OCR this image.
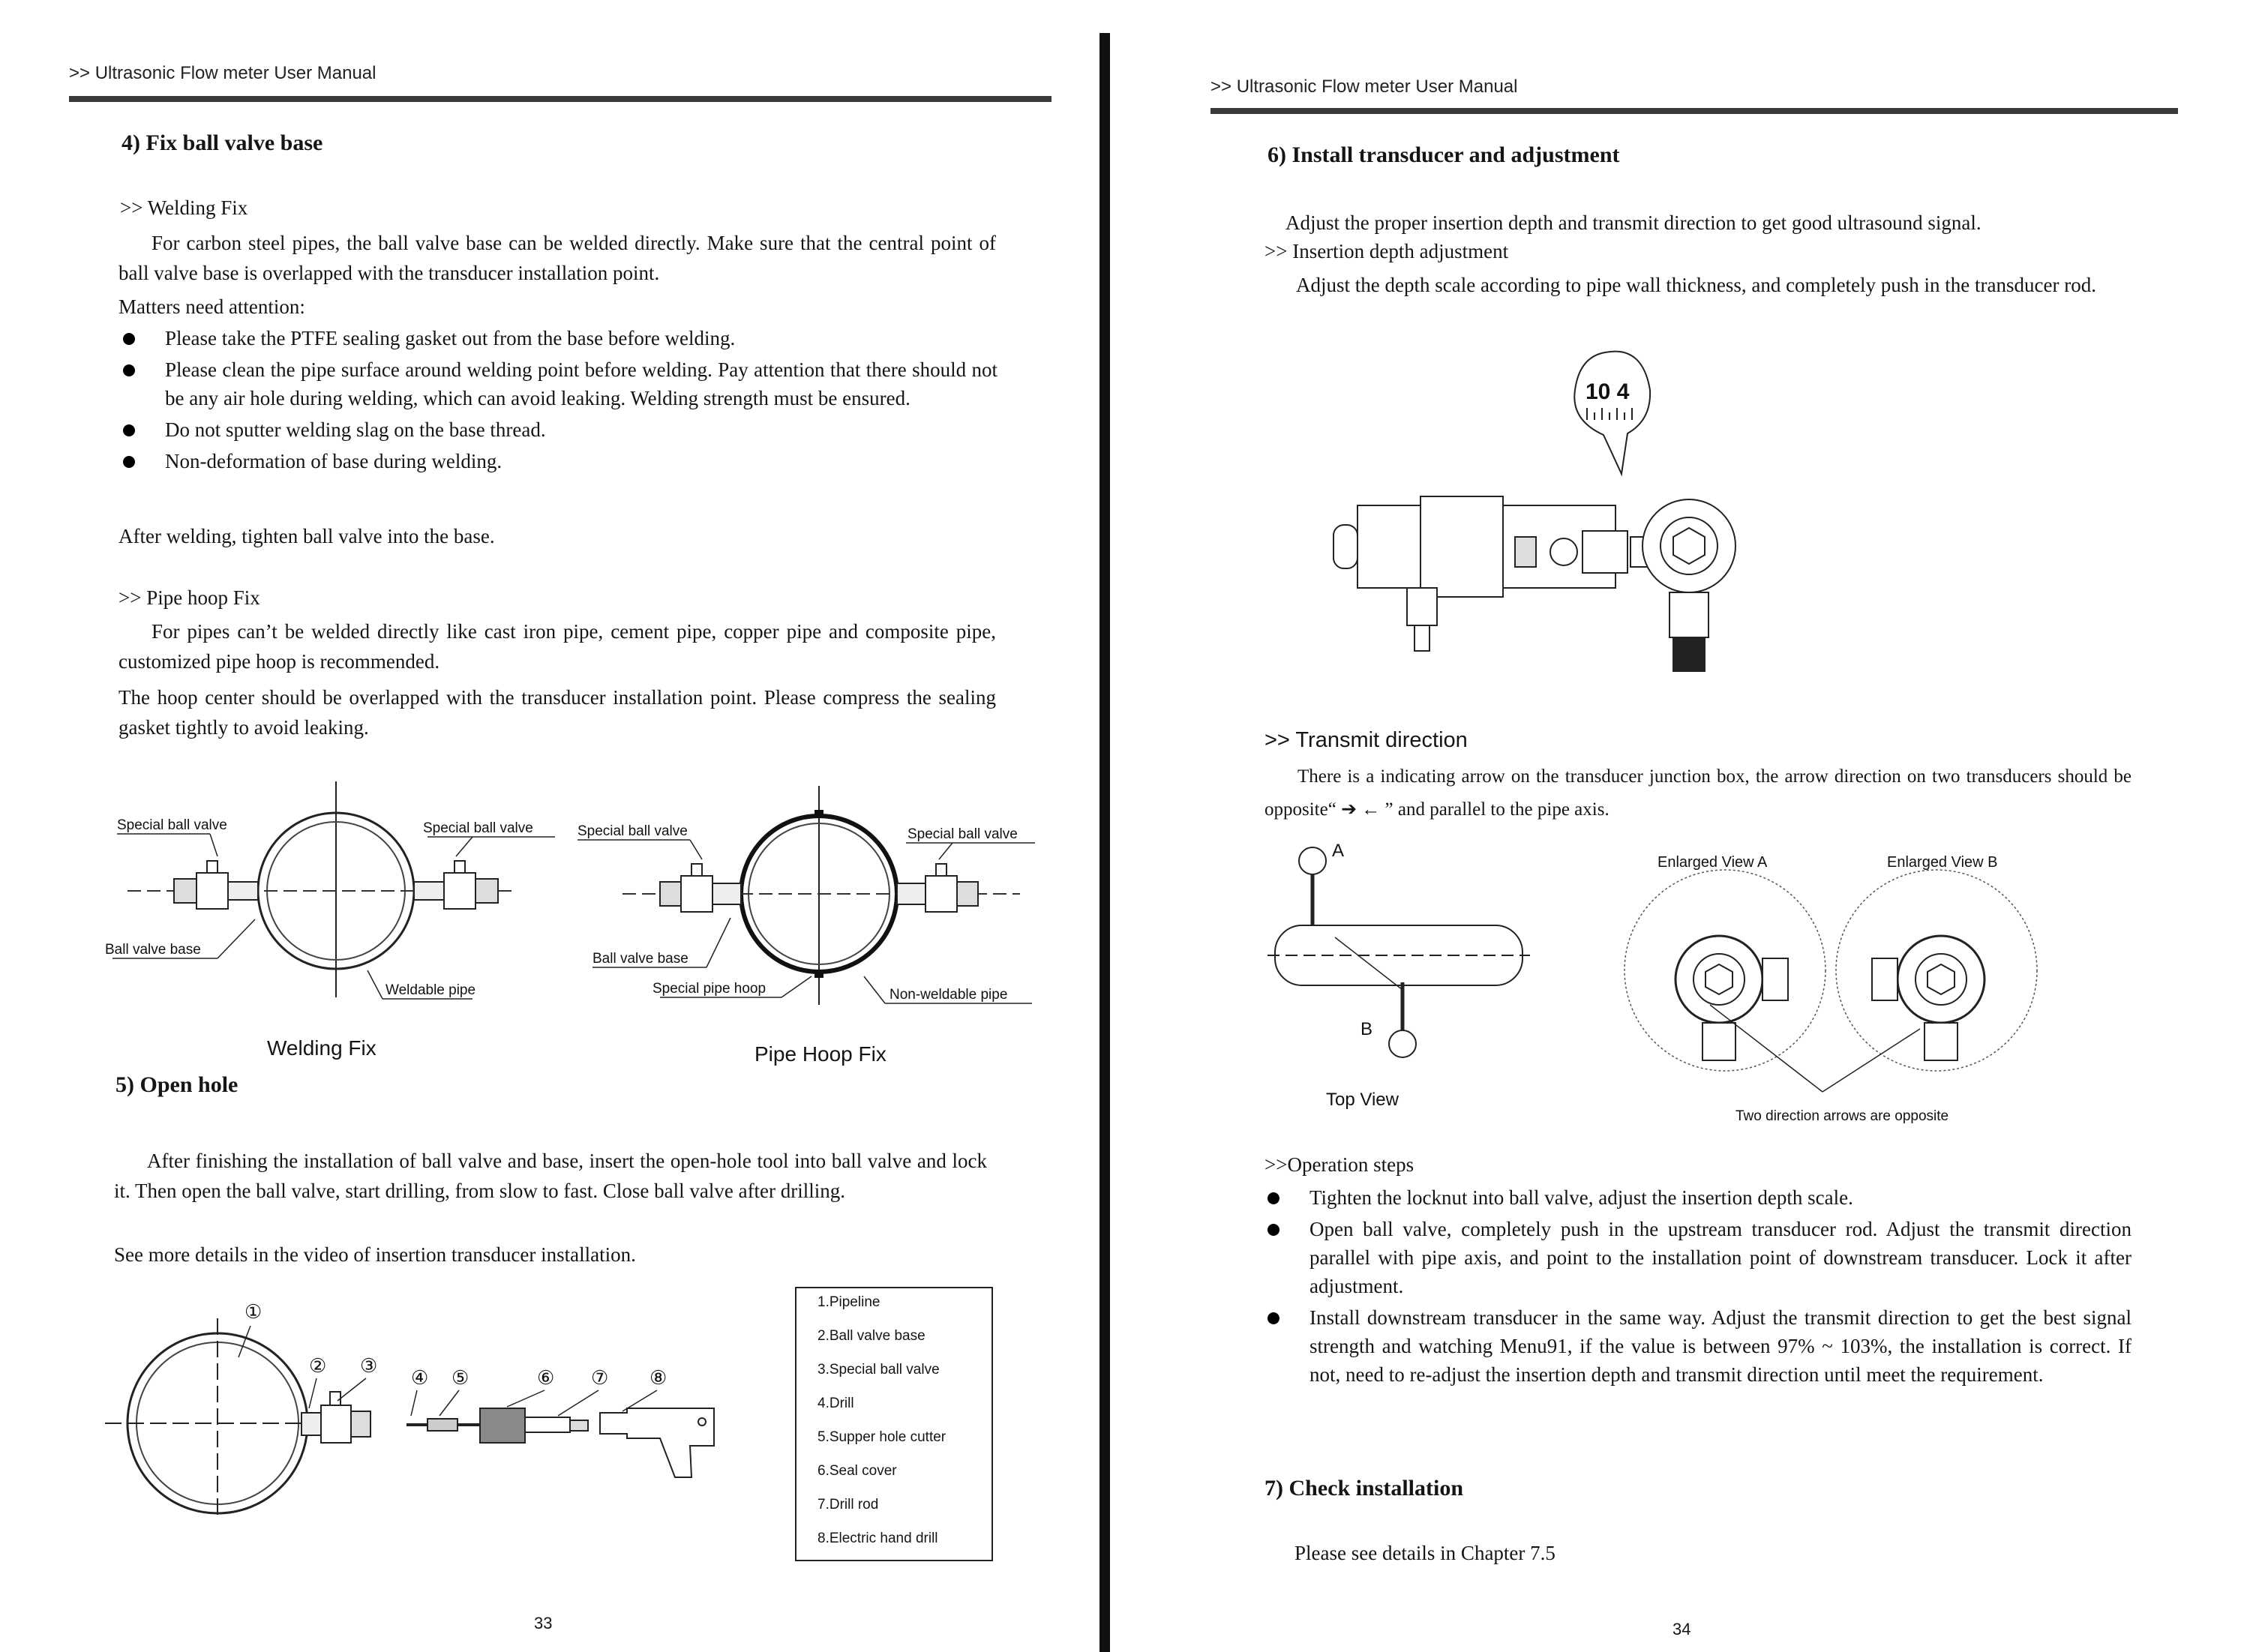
>> Ultrasonic Flow meter User Manual
4) Fix ball valve base
>> Welding Fix

For carbon steel pipes, the ball valve base can be welded directly. Make sure that the central point of ball valve base is overlapped with the transducer installation point.

Matters need attention:
Please take the PTFE sealing gasket out from the base before welding.
Please clean the pipe surface around welding point before welding. Pay attention that there should not be any air hole during welding, which can avoid leaking. Welding strength must be ensured.
Do not sputter welding slag on the base thread.
Non-deformation of base during welding.
After welding, tighten ball valve into the base.
>> Pipe hoop Fix

For pipes can’t be welded directly like cast iron pipe, cement pipe, copper pipe and composite pipe, customized pipe hoop is recommended.

The hoop center should be overlapped with the transducer installation point. Please compress the sealing gasket tightly to avoid leaking.

Special ball valve	Special ball valve
Ball valve base
Weldable pipe
Welding Fix
Special ball valve	Special ball valve
Ball valve base
Special pipe hoop	Non-weldable pipe
Pipe Hoop Fix
5) Open hole

After finishing the installation of ball valve and base, insert the open-hole tool into ball valve and lock it. Then open the ball valve, start drilling, from slow to fast. Close ball valve after drilling.

See more details in the video of insertion transducer installation.
①
② ③
④ ⑤	⑥ ⑦ ⑧
1.Pipeline
2.Ball valve base
3.Special ball valve
4.Drill
5.Supper hole cutter
6.Seal cover
7.Drill rod
8.Electric hand drill
33
>> Ultrasonic Flow meter User Manual
6) Install transducer and adjustment
Adjust the proper insertion depth and transmit direction to get good ultrasound signal.
>> Insertion depth adjustment

Adjust the depth scale according to pipe wall thickness, and completely push in the transducer rod.

10 4
>> Transmit direction

There is a indicating arrow on the transducer junction box, the arrow direction on two transducers should be opposite“ ➔ ← ” and parallel to the pipe axis.

A
B
Top View
Enlarged View A	Enlarged View B
Two direction arrows are opposite
>>Operation steps
Tighten the locknut into ball valve, adjust the insertion depth scale.
Open ball valve, completely push in the upstream transducer rod. Adjust the transmit direction parallel with pipe axis, and point to the installation point of downstream transducer. Lock it after adjustment.
Install downstream transducer in the same way. Adjust the transmit direction to get the best signal strength and watching Menu91, if the value is between 97% ~ 103%, the installation is correct. If not, need to re-adjust the insertion depth and transmit direction until meet the requirement.
7) Check installation
Please see details in Chapter 7.5
34
